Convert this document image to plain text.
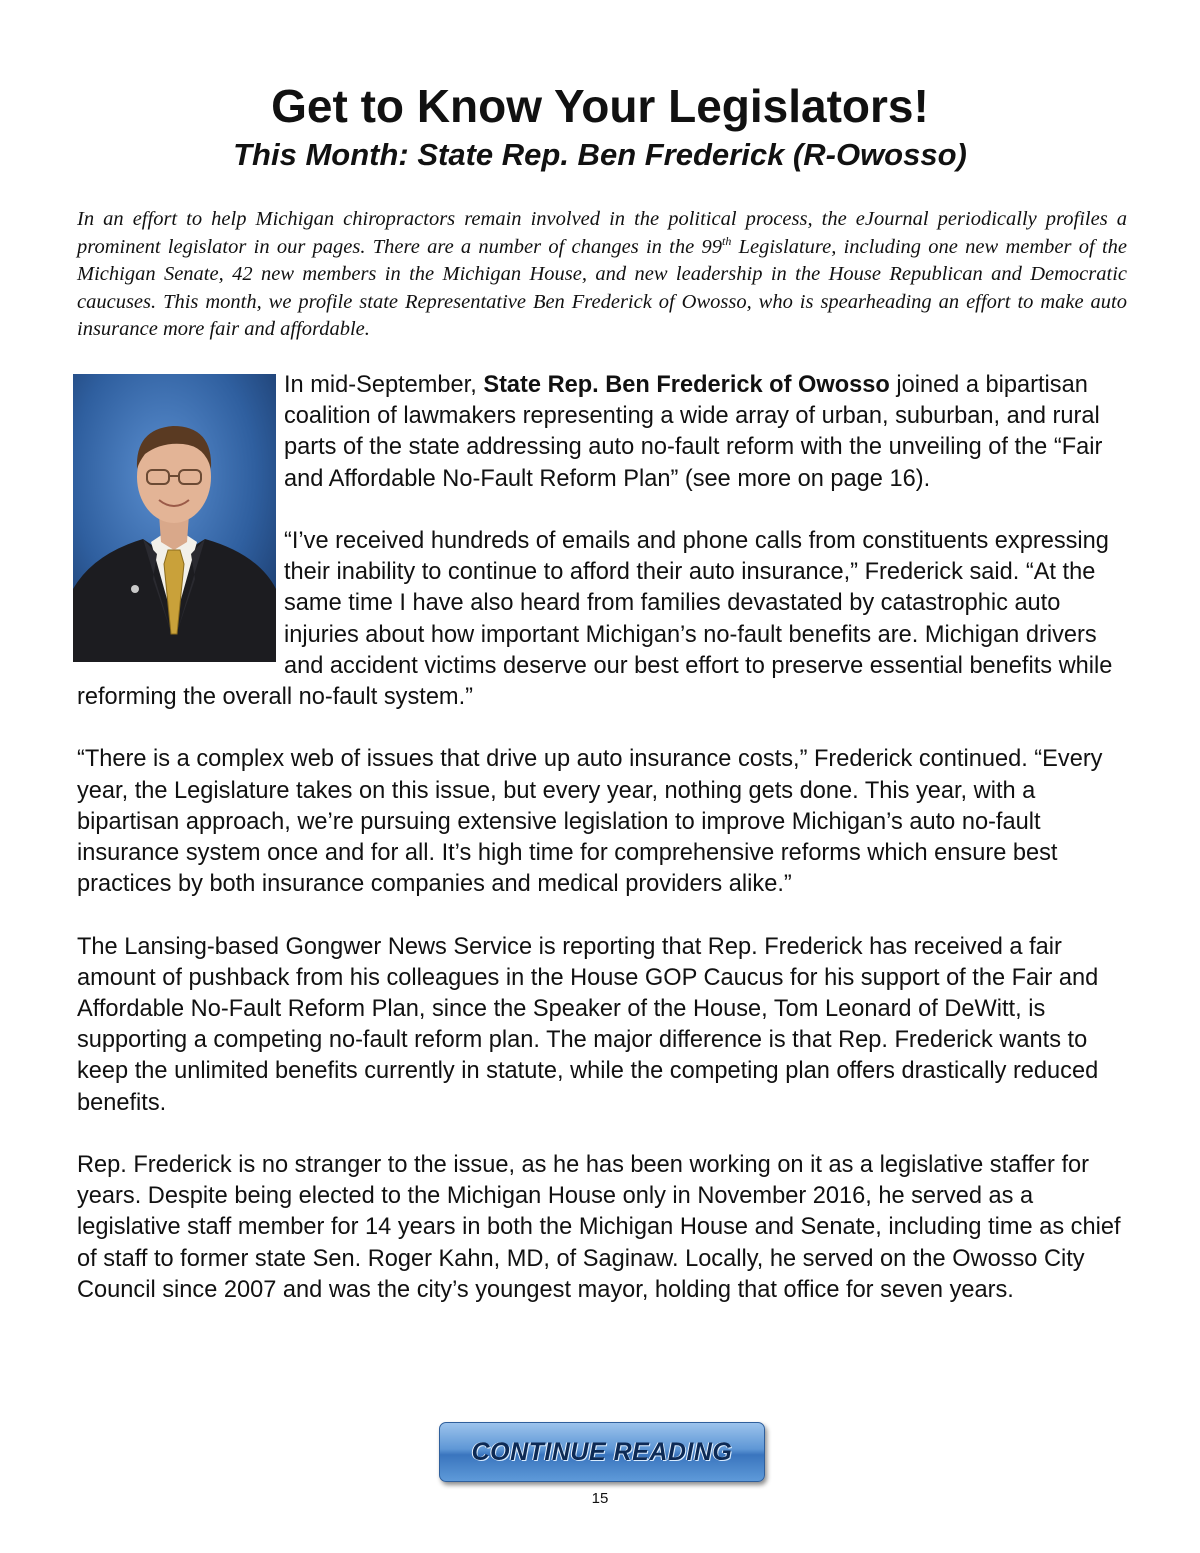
Get to Know Your Legislators!
This Month: State Rep. Ben Frederick (R-Owosso)

In an effort to help Michigan chiropractors remain involved in the political process, the eJournal periodically profiles a prominent legislator in our pages. There are a number of changes in the 99th Legislature, including one new member of the Michigan Senate, 42 new members in the Michigan House, and new leadership in the House Republican and Democratic caucuses. This month, we profile state Representative Ben Frederick of Owosso, who is spearheading an effort to make auto insurance more fair and affordable.

In mid-September, State Rep. Ben Frederick of Owosso joined a bipartisan coalition of lawmakers representing a wide array of urban, suburban, and rural parts of the state addressing auto no-fault reform with the unveiling of the “Fair and Affordable No-Fault Reform Plan” (see more on page 16).

“I’ve received hundreds of emails and phone calls from constituents expressing their inability to continue to afford their auto insurance,” Frederick said. “At the same time I have also heard from families devastated by catastrophic auto injuries about how important Michigan’s no-fault benefits are. Michigan drivers and accident victims deserve our best effort to preserve essential benefits while reforming the overall no-fault system.”

“There is a complex web of issues that drive up auto insurance costs,” Frederick continued. “Every year, the Legislature takes on this issue, but every year, nothing gets done. This year, with a bipartisan approach, we’re pursuing extensive legislation to improve Michigan’s auto no-fault insurance system once and for all. It’s high time for comprehensive reforms which ensure best practices by both insurance companies and medical providers alike.”

The Lansing-based Gongwer News Service is reporting that Rep. Frederick has received a fair amount of pushback from his colleagues in the House GOP Caucus for his support of the Fair and Affordable No-Fault Reform Plan, since the Speaker of the House, Tom Leonard of DeWitt, is supporting a competing no-fault reform plan. The major difference is that Rep. Frederick wants to keep the unlimited benefits currently in statute, while the competing plan offers drastically reduced benefits.

Rep. Frederick is no stranger to the issue, as he has been working on it as a legislative staffer for years. Despite being elected to the Michigan House only in November 2016, he served as a legislative staff member for 14 years in both the Michigan House and Senate, including time as chief of staff to former state Sen. Roger Kahn, MD, of Saginaw. Locally, he served on the Owosso City Council since 2007 and was the city’s youngest mayor, holding that office for seven years.

CONTINUE READING
15
